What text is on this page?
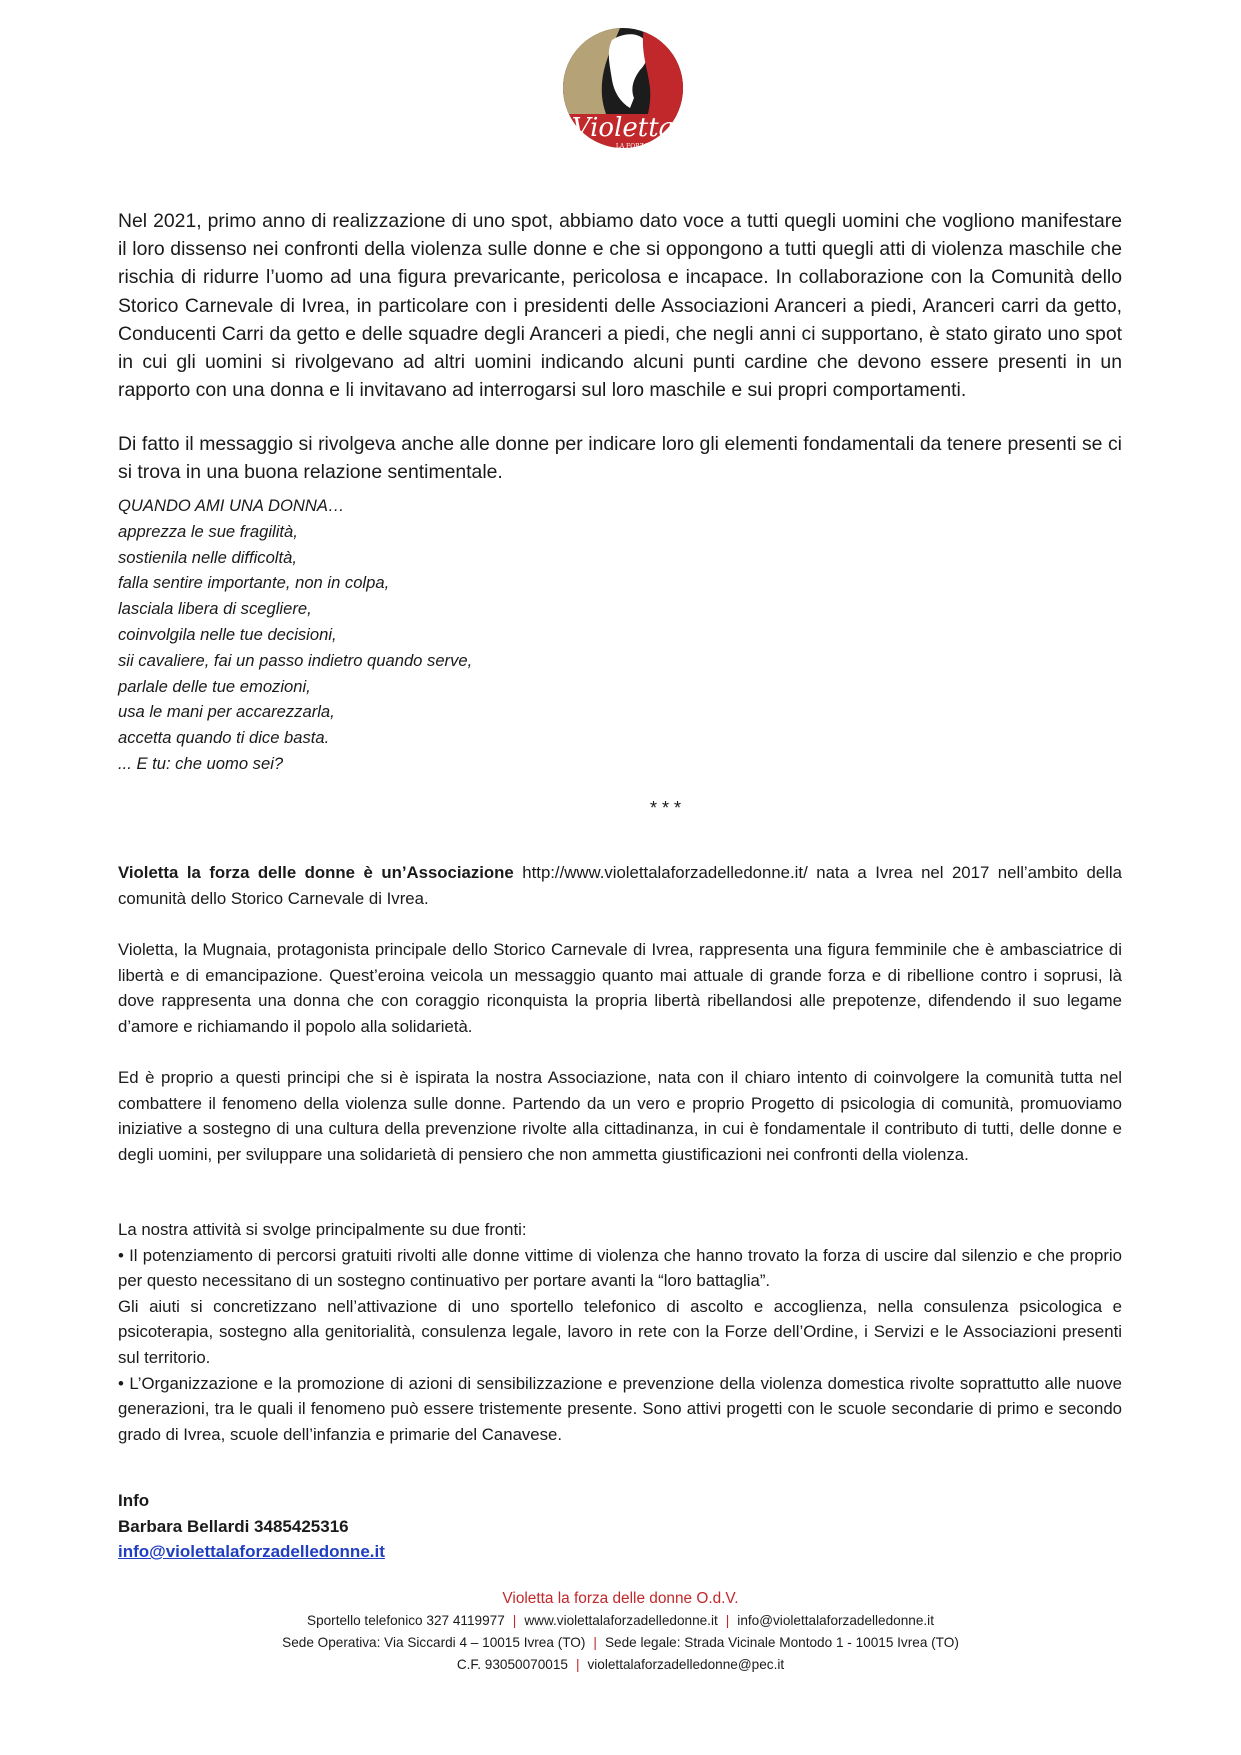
Violetta
LA FORZA
DELLE DONNE

Nel 2021, primo anno di realizzazione di uno spot, abbiamo dato voce a tutti quegli uomini che vogliono manifestare il loro dissenso nei confronti della violenza sulle donne e che si oppongono a tutti quegli atti di violenza maschile che rischia di ridurre l’uomo ad una figura prevaricante, pericolosa e incapace. In collaborazione con la Comunità dello Storico Carnevale di Ivrea, in particolare con i presidenti delle Associazioni Aranceri a piedi, Aranceri carri da getto, Conducenti Carri da getto e delle squadre degli Aranceri a piedi, che negli anni ci supportano, è stato girato uno spot in cui gli uomini si rivolgevano ad altri uomini indicando alcuni punti cardine che devono essere presenti in un rapporto con una donna e li invitavano ad interrogarsi sul loro maschile e sui propri comportamenti.

Di fatto il messaggio si rivolgeva anche alle donne per indicare loro gli elementi fondamentali da tenere presenti se ci si trova in una buona relazione sentimentale.

QUANDO AMI UNA DONNA…
apprezza le sue fragilità,
sostienila nelle difficoltà,
falla sentire importante, non in colpa,
lasciala libera di scegliere,
coinvolgila nelle tue decisioni,
sii cavaliere, fai un passo indietro quando serve,
parlale delle tue emozioni,
usa le mani per accarezzarla,
accetta quando ti dice basta.
... E tu: che uomo sei?
* * *

Violetta la forza delle donne è un’Associazione http://www.violettalaforzadelledonne.it/ nata a Ivrea nel 2017 nell’ambito della comunità dello Storico Carnevale di Ivrea.

Violetta, la Mugnaia, protagonista principale dello Storico Carnevale di Ivrea, rappresenta una figura femminile che è ambasciatrice di libertà e di emancipazione. Quest’eroina veicola un messaggio quanto mai attuale di grande forza e di ribellione contro i soprusi, là dove rappresenta una donna che con coraggio riconquista la propria libertà ribellandosi alle prepotenze, difendendo il suo legame d’amore e richiamando il popolo alla solidarietà.

Ed è proprio a questi principi che si è ispirata la nostra Associazione, nata con il chiaro intento di coinvolgere la comunità tutta nel combattere il fenomeno della violenza sulle donne. Partendo da un vero e proprio Progetto di psicologia di comunità, promuoviamo iniziative a sostegno di una cultura della prevenzione rivolte alla cittadinanza, in cui è fondamentale il contributo di tutti, delle donne e degli uomini, per sviluppare una solidarietà di pensiero che non ammetta giustificazioni nei confronti della violenza.

La nostra attività si svolge principalmente su due fronti:

• Il potenziamento di percorsi gratuiti rivolti alle donne vittime di violenza che hanno trovato la forza di uscire dal silenzio e che proprio per questo necessitano di un sostegno continuativo per portare avanti la “loro battaglia”.

Gli aiuti si concretizzano nell’attivazione di uno sportello telefonico di ascolto e accoglienza, nella consulenza psicologica e psicoterapia, sostegno alla genitorialità, consulenza legale, lavoro in rete con la Forze dell’Ordine, i Servizi e le Associazioni presenti sul territorio.

• L’Organizzazione e la promozione di azioni di sensibilizzazione e prevenzione della violenza domestica rivolte soprattutto alle nuove generazioni, tra le quali il fenomeno può essere tristemente presente. Sono attivi progetti con le scuole secondarie di primo e secondo grado di Ivrea, scuole dell’infanzia e primarie del Canavese.

Info
Barbara Bellardi 3485425316
info@violettalaforzadelledonne.it
Violetta la forza delle donne O.d.V.
Sportello telefonico 327 4119977 | www.violettalaforzadelledonne.it | info@violettalaforzadelledonne.it
Sede Operativa: Via Siccardi 4 – 10015 Ivrea (TO) | Sede legale: Strada Vicinale Montodo 1 - 10015 Ivrea (TO)
C.F. 93050070015 | violettalaforzadelledonne@pec.it
